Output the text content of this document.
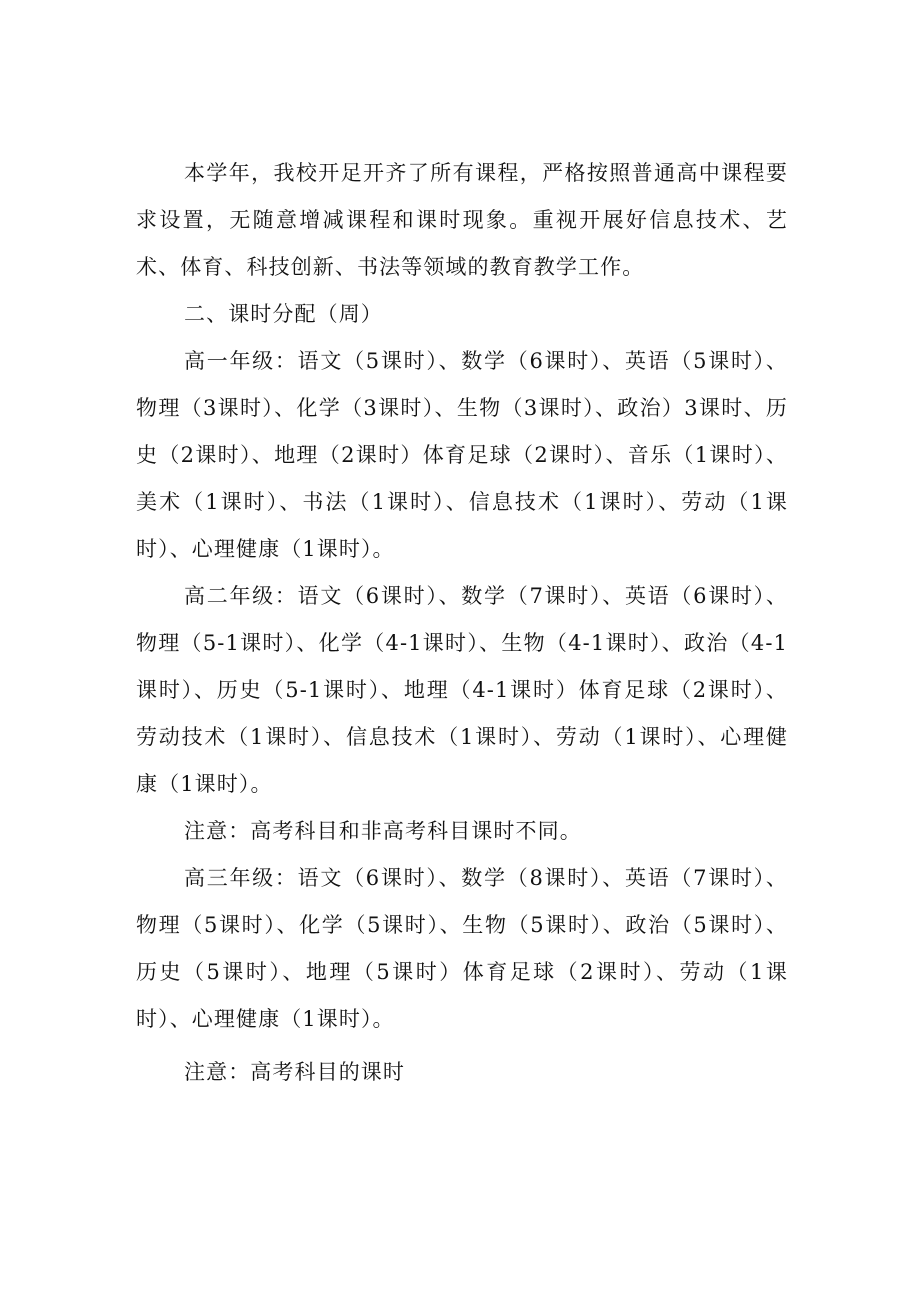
本学年，我校开足开齐了所有课程，严格按照普通高中课程要求设置，无随意增减课程和课时现象。重视开展好信息技术、艺术、体育、科技创新、书法等领域的教育教学工作。

二、课时分配（周）

高一年级：语文（5课时）、数学（6课时）、英语（5课时）、物理（3课时）、化学（3课时）、生物（3课时）、政治）3课时、历史（2课时）、地理（2课时）体育足球（2课时）、音乐（1课时）、美术（1课时）、书法（1课时）、信息技术（1课时）、劳动（1课时）、心理健康（1课时）。

高二年级：语文（6课时）、数学（7课时）、英语（6课时）、物理（5-1课时）、化学（4-1课时）、生物（4-1课时）、政治（4-1课时）、历史（5-1课时）、地理（4-1课时）体育足球（2课时）、劳动技术（1课时）、信息技术（1课时）、劳动（1课时）、心理健康（1课时）。

注意：高考科目和非高考科目课时不同。

高三年级：语文（6课时）、数学（8课时）、英语（7课时）、物理（5课时）、化学（5课时）、生物（5课时）、政治（5课时）、历史（5课时）、地理（5课时）体育足球（2课时）、劳动（1课时）、心理健康（1课时）。

注意：高考科目的课时
